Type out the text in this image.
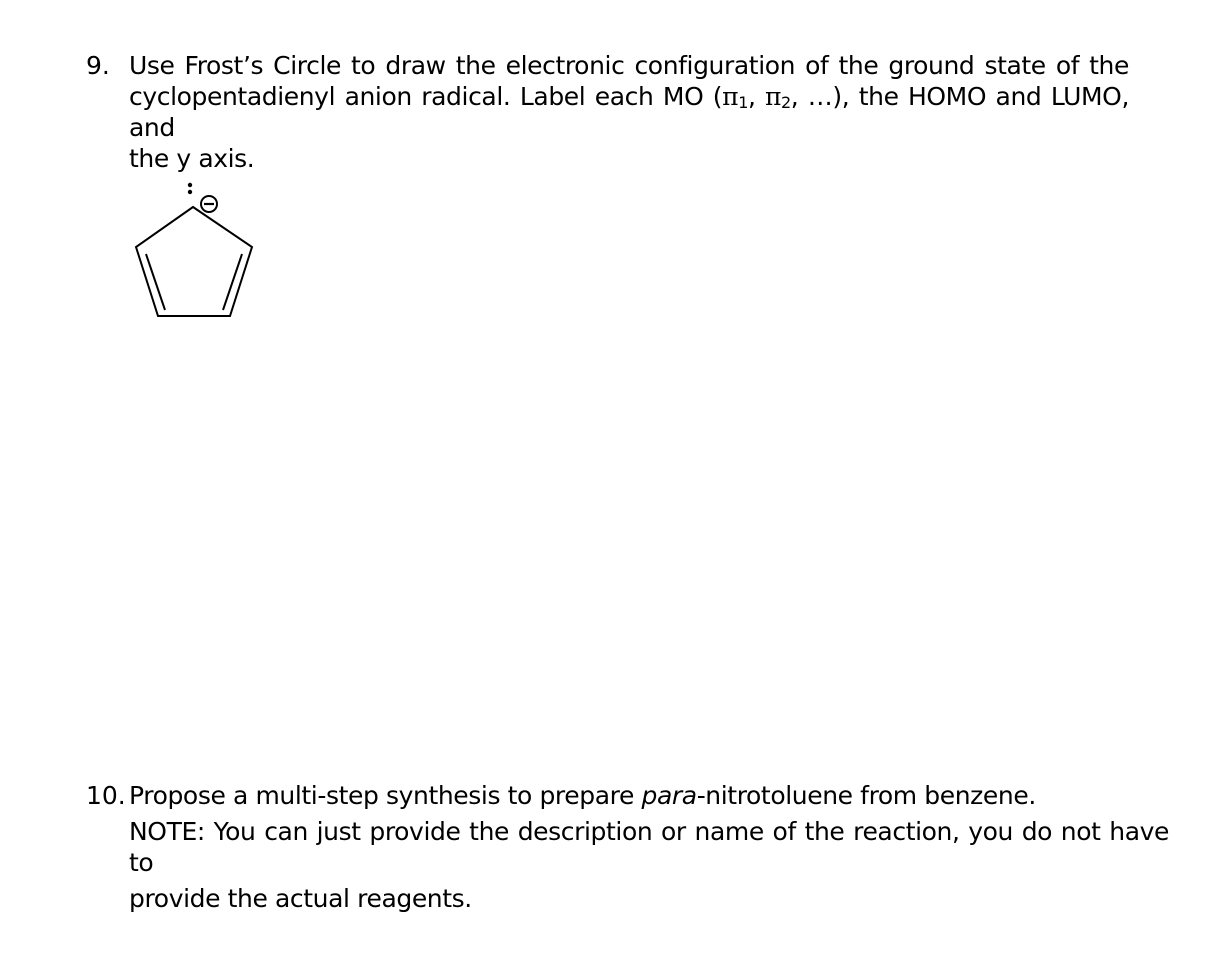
9. Use Frost’s Circle to draw the electronic configuration of the ground state of the
cyclopentadienyl anion radical. Label each MO ($\pi_1$, $\pi_2$, …), the HOMO and LUMO, and
the y axis.
10. Propose a multi-step synthesis to prepare para-nitrotoluene from benzene.
NOTE: You can just provide the description or name of the reaction, you do not have to
provide the actual reagents.
